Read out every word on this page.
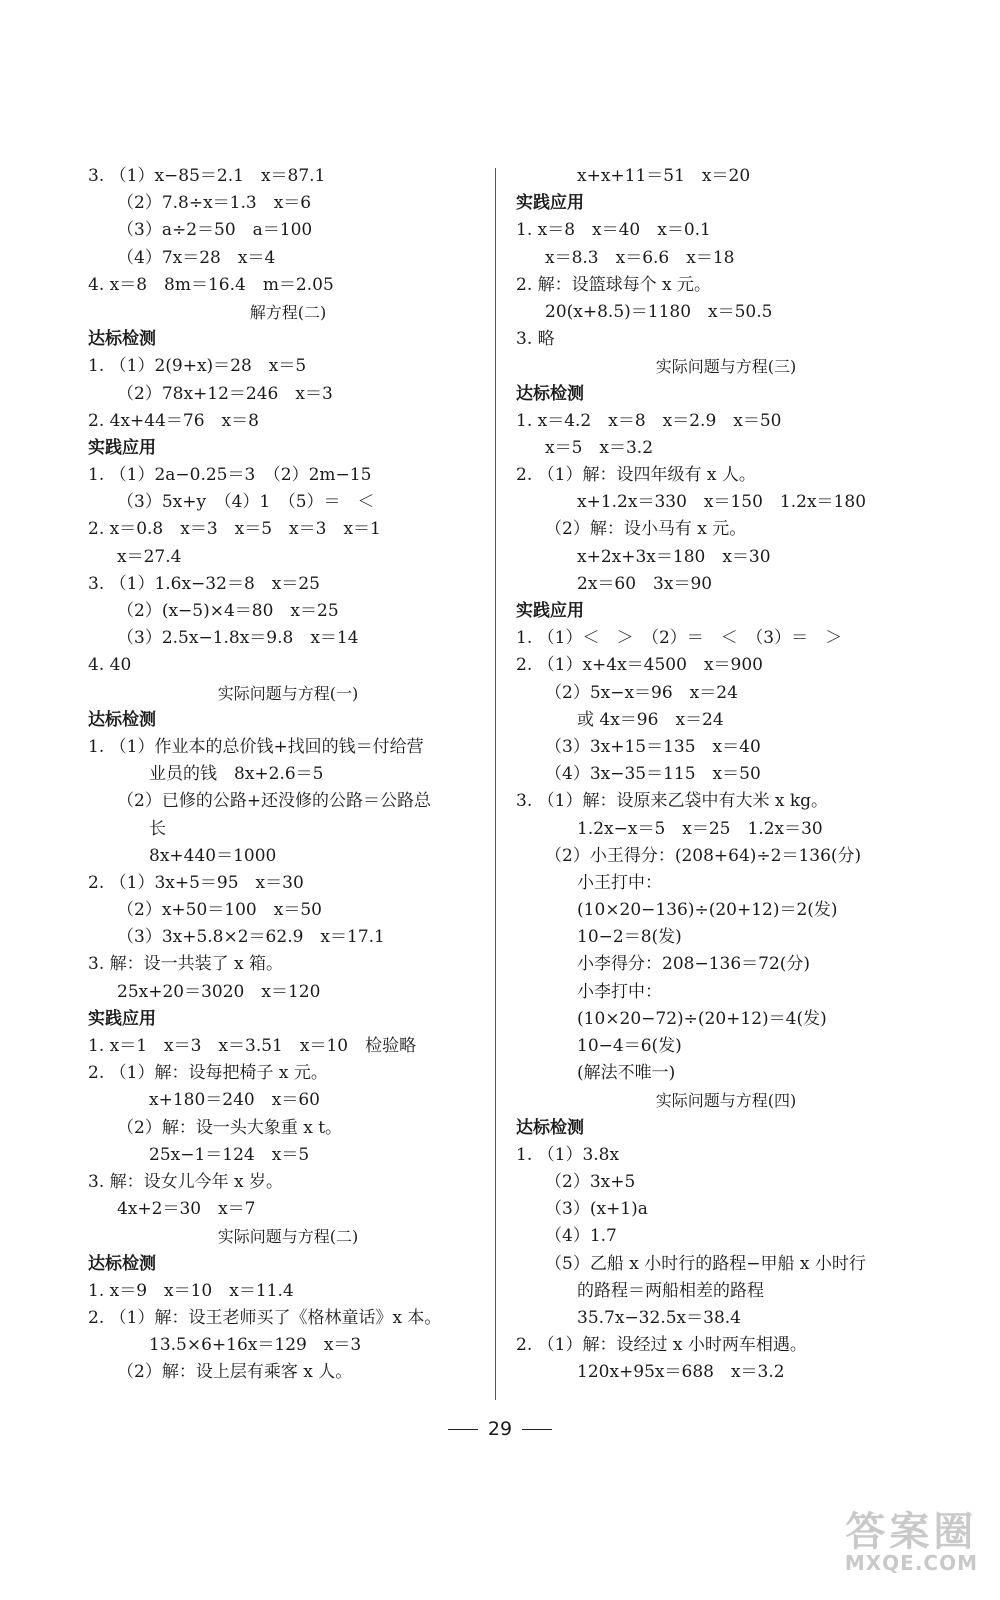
3. （1）x−85＝2.1　x＝87.1
（2）7.8÷x＝1.3　x＝6
（3）a÷2＝50　a＝100
（4）7x＝28　x＝4
4. x＝8　8m＝16.4　m＝2.05
解方程(二)
达标检测
1. （1）2(9+x)＝28　x＝5
（2）78x+12＝246　x＝3
2. 4x+44＝76　x＝8
实践应用
1. （1）2a−0.25＝3　（2）2m−15
（3）5x+y　（4）1　（5）＝　＜
2. x＝0.8　x＝3　x＝5　x＝3　x＝1
x＝27.4
3. （1）1.6x−32＝8　x＝25
（2）(x−5)×4＝80　x＝25
（3）2.5x−1.8x＝9.8　x＝14
4. 40
实际问题与方程(一)
达标检测
1. （1）作业本的总价钱+找回的钱＝付给营
业员的钱　8x+2.6＝5
（2）已修的公路+还没修的公路＝公路总
长
8x+440＝1000
2. （1）3x+5＝95　x＝30
（2）x+50＝100　x＝50
（3）3x+5.8×2＝62.9　x＝17.1
3. 解：设一共装了 x 箱。
25x+20＝3020　x＝120
实践应用
1. x＝1　x＝3　x＝3.51　x＝10　检验略
2. （1）解：设每把椅子 x 元。
x+180＝240　x＝60
（2）解：设一头大象重 x t。
25x−1＝124　x＝5
3. 解：设女儿今年 x 岁。
4x+2＝30　x＝7
实际问题与方程(二)
达标检测
1. x＝9　x＝10　x＝11.4
2. （1）解：设王老师买了《格林童话》x 本。
13.5×6+16x＝129　x＝3
（2）解：设上层有乘客 x 人。
x+x+11＝51　x＝20
实践应用
1. x＝8　x＝40　x＝0.1
x＝8.3　x＝6.6　x＝18
2. 解：设篮球每个 x 元。
20(x+8.5)＝1180　x＝50.5
3. 略
实际问题与方程(三)
达标检测
1. x＝4.2　x＝8　x＝2.9　x＝50
x＝5　x＝3.2
2. （1）解：设四年级有 x 人。
x+1.2x＝330　x＝150　1.2x＝180
（2）解：设小马有 x 元。
x+2x+3x＝180　x＝30
2x＝60　3x＝90
实践应用
1. （1）＜　＞　（2）＝　＜　（3）＝　＞
2. （1）x+4x＝4500　x＝900
（2）5x−x＝96　x＝24
或 4x＝96　x＝24
（3）3x+15＝135　x＝40
（4）3x−35＝115　x＝50
3. （1）解：设原来乙袋中有大米 x kg。
1.2x−x＝5　x＝25　1.2x＝30
（2）小王得分：(208+64)÷2＝136(分)
小王打中：
(10×20−136)÷(20+12)＝2(发)
10−2＝8(发)
小李得分：208−136＝72(分)
小李打中：
(10×20−72)÷(20+12)＝4(发)
10−4＝6(发)
(解法不唯一)
实际问题与方程(四)
达标检测
1. （1）3.8x
（2）3x+5
（3）(x+1)a
（4）1.7
（5）乙船 x 小时行的路程−甲船 x 小时行
的路程＝两船相差的路程
35.7x−32.5x＝38.4
2. （1）解：设经过 x 小时两车相遇。
120x+95x＝688　x＝3.2
29
答案圈
MXQE.COM
